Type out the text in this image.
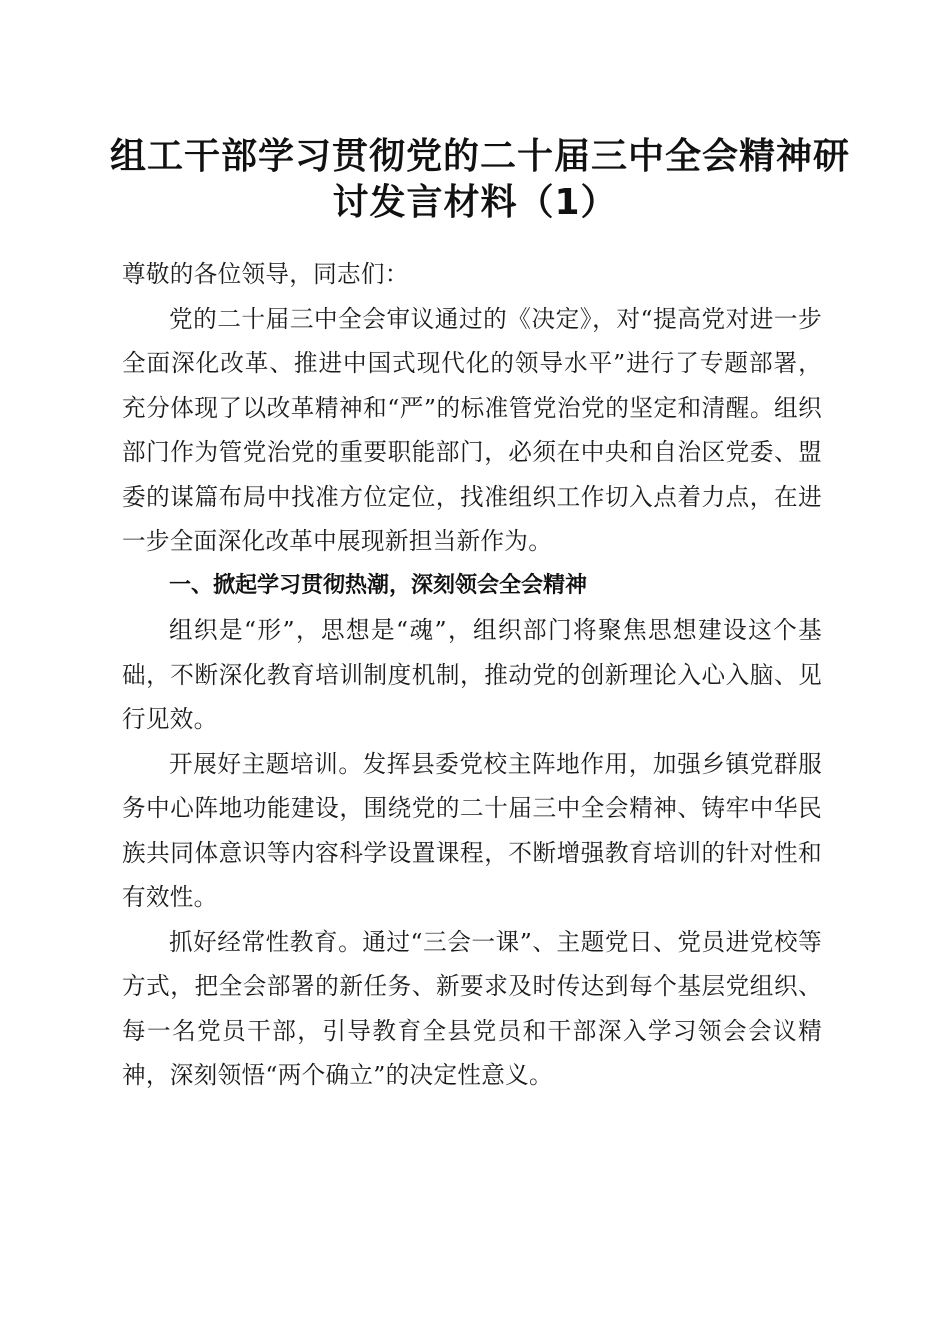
组工干部学习贯彻党的二十届三中全会精神研
讨发言材料（1）

尊敬的各位领导，同志们：

党的二十届三中全会审议通过的《决定》，对“提高党对进一步全面深化改革、推进中国式现代化的领导水平”进行了专题部署，充分体现了以改革精神和“严”的标准管党治党的坚定和清醒。组织部门作为管党治党的重要职能部门，必须在中央和自治区党委、盟委的谋篇布局中找准方位定位，找准组织工作切入点着力点，在进一步全面深化改革中展现新担当新作为。

一、掀起学习贯彻热潮，深刻领会全会精神

组织是“形”，思想是“魂”，组织部门将聚焦思想建设这个基础，不断深化教育培训制度机制，推动党的创新理论入心入脑、见行见效。

开展好主题培训。发挥县委党校主阵地作用，加强乡镇党群服务中心阵地功能建设，围绕党的二十届三中全会精神、铸牢中华民族共同体意识等内容科学设置课程，不断增强教育培训的针对性和有效性。

抓好经常性教育。通过“三会一课”、主题党日、党员进党校等方式，把全会部署的新任务、新要求及时传达到每个基层党组织、每一名党员干部，引导教育全县党员和干部深入学习领会会议精神，深刻领悟“两个确立”的决定性意义。
